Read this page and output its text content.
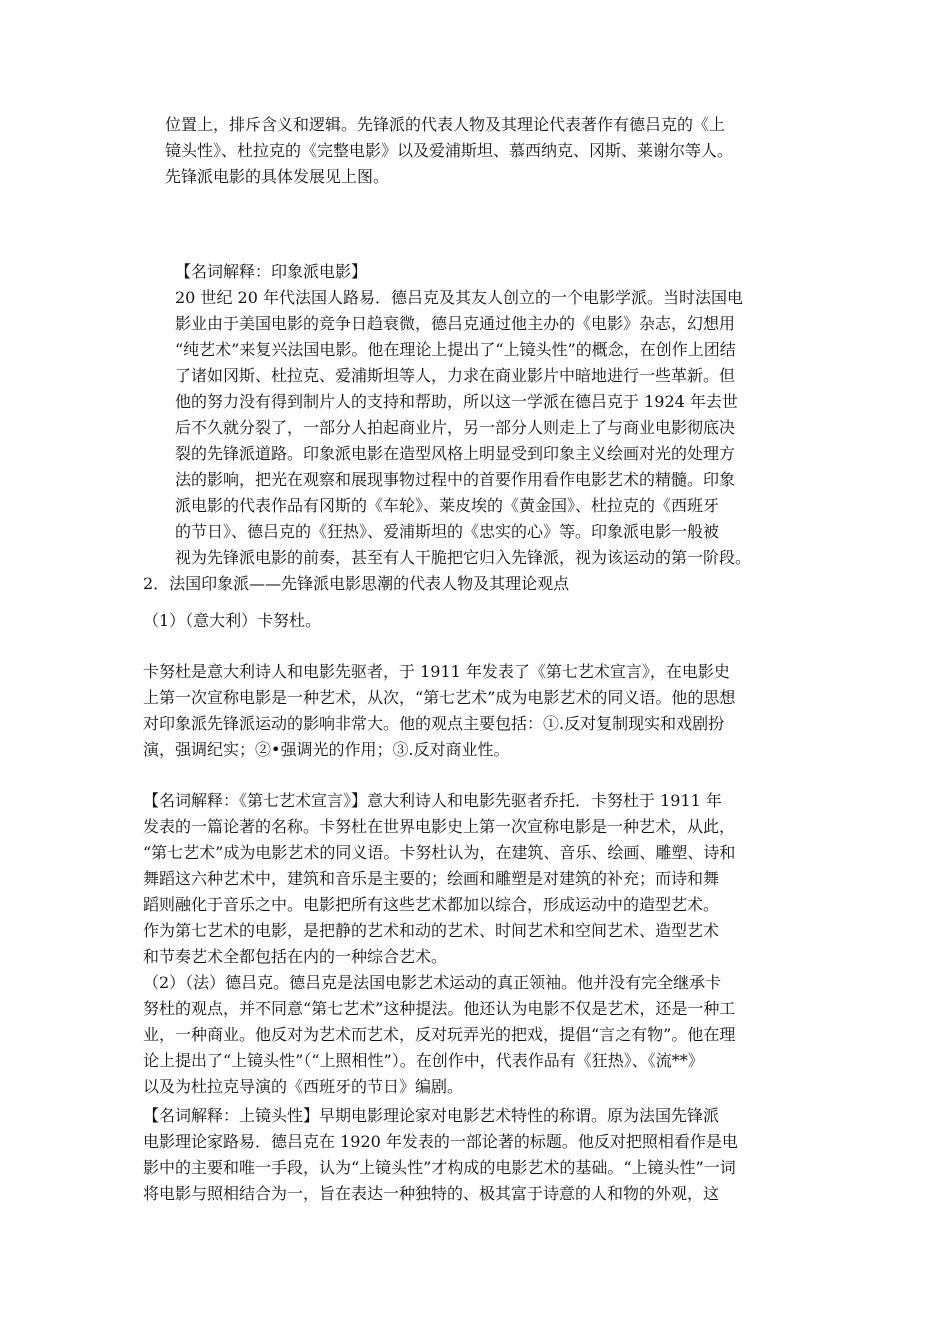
位置上，排斥含义和逻辑。先锋派的代表人物及其理论代表著作有德吕克的《上
镜头性》、杜拉克的《完整电影》以及爱浦斯坦、慕西纳克、冈斯、莱谢尔等人。
先锋派电影的具体发展见上图。
【名词解释：印象派电影】
20 世纪 20 年代法国人路易．德吕克及其友人创立的一个电影学派。当时法国电
影业由于美国电影的竞争日趋衰微，德吕克通过他主办的《电影》杂志，幻想用
“纯艺术”来复兴法国电影。他在理论上提出了“上镜头性”的概念，在创作上团结
了诸如冈斯、杜拉克、爱浦斯坦等人，力求在商业影片中暗地进行一些革新。但
他的努力没有得到制片人的支持和帮助，所以这一学派在德吕克于 1924 年去世
后不久就分裂了，一部分人拍起商业片，另一部分人则走上了与商业电影彻底决
裂的先锋派道路。印象派电影在造型风格上明显受到印象主义绘画对光的处理方
法的影响，把光在观察和展现事物过程中的首要作用看作电影艺术的精髓。印象
派电影的代表作品有冈斯的《车轮》、莱皮埃的《黄金国》、杜拉克的《西班牙
的节日》、德吕克的《狂热》、爱浦斯坦的《忠实的心》等。印象派电影一般被
视为先锋派电影的前奏，甚至有人干脆把它归入先锋派，视为该运动的第一阶段。
2．法国印象派——先锋派电影思潮的代表人物及其理论观点
（1）（意大利）卡努杜。
卡努杜是意大利诗人和电影先驱者，于 1911 年发表了《第七艺术宣言》，在电影史
上第一次宣称电影是一种艺术，从次，“第七艺术”成为电影艺术的同义语。他的思想
对印象派先锋派运动的影响非常大。他的观点主要包括：①.反对复制现实和戏剧扮
演，强调纪实；②•强调光的作用；③.反对商业性。
【名词解释：《第七艺术宣言》】意大利诗人和电影先驱者乔托．卡努杜于 1911 年
发表的一篇论著的名称。卡努杜在世界电影史上第一次宣称电影是一种艺术，从此，
“第七艺术”成为电影艺术的同义语。卡努杜认为，在建筑、音乐、绘画、雕塑、诗和
舞蹈这六种艺术中，建筑和音乐是主要的；绘画和雕塑是对建筑的补充；而诗和舞
蹈则融化于音乐之中。电影把所有这些艺术都加以综合，形成运动中的造型艺术。
作为第七艺术的电影，是把静的艺术和动的艺术、时间艺术和空间艺术、造型艺术
和节奏艺术全都包括在内的一种综合艺术。
（2）（法）德吕克。德吕克是法国电影艺术运动的真正领袖。他并没有完全继承卡
努杜的观点，并不同意“第七艺术”这种提法。他还认为电影不仅是艺术，还是一种工
业，一种商业。他反对为艺术而艺术，反对玩弄光的把戏，提倡“言之有物”。他在理
论上提出了“上镜头性”（“上照相性”）。在创作中，代表作品有《狂热》、《流**》
以及为杜拉克导演的《西班牙的节日》编剧。
【名词解释：上镜头性】早期电影理论家对电影艺术特性的称谓。原为法国先锋派
电影理论家路易．德吕克在 1920 年发表的一部论著的标题。他反对把照相看作是电
影中的主要和唯一手段，认为“上镜头性”才构成的电影艺术的基础。“上镜头性”一词
将电影与照相结合为一，旨在表达一种独特的、极其富于诗意的人和物的外观，这
